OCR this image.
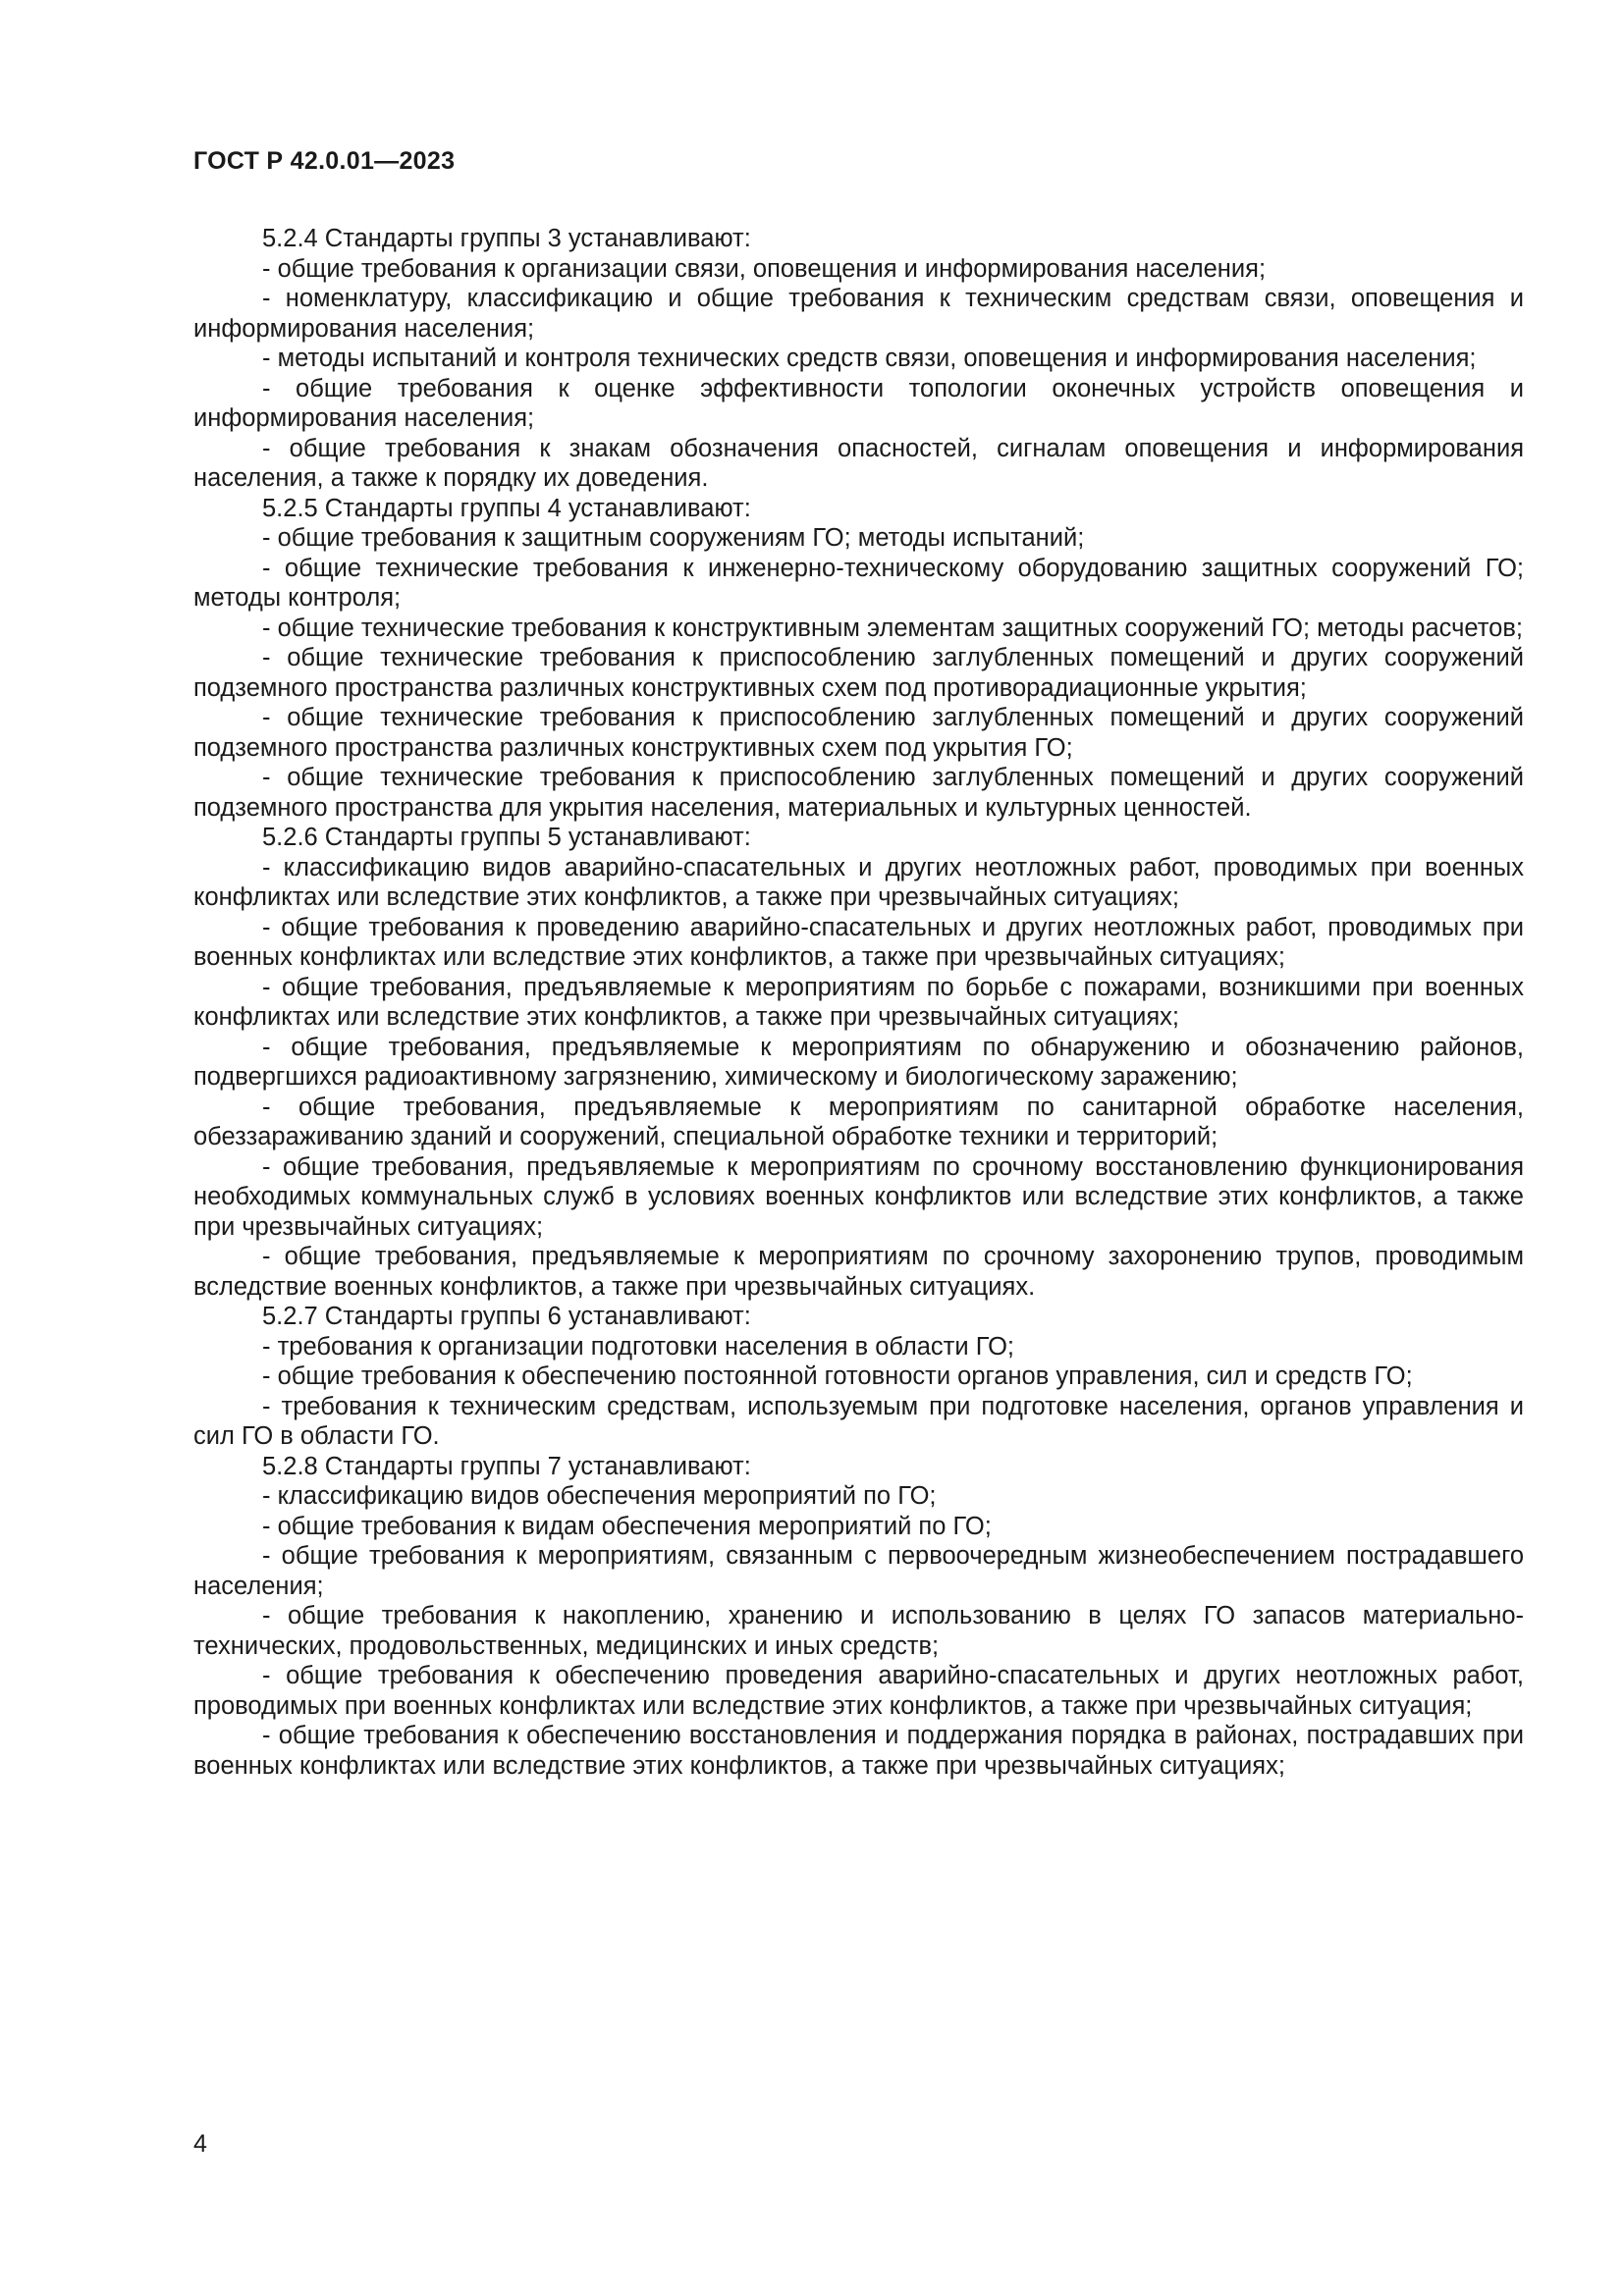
ГОСТ Р 42.0.01—2023

5.2.4 Стандарты группы 3 устанавливают:

- общие требования к организации связи, оповещения и информирования населения;

- номенклатуру, классификацию и общие требования к техническим средствам связи, оповещения и информирования населения;

- методы испытаний и контроля технических средств связи, оповещения и информирования населения;

- общие требования к оценке эффективности топологии оконечных устройств оповещения и информирования населения;

- общие требования к знакам обозначения опасностей, сигналам оповещения и информирования населения, а также к порядку их доведения.

5.2.5 Стандарты группы 4 устанавливают:

- общие требования к защитным сооружениям ГО; методы испытаний;

- общие технические требования к инженерно-техническому оборудованию защитных сооружений ГО; методы контроля;

- общие технические требования к конструктивным элементам защитных сооружений ГО; методы расчетов;

- общие технические требования к приспособлению заглубленных помещений и других сооружений подземного пространства различных конструктивных схем под противорадиационные укрытия;

- общие технические требования к приспособлению заглубленных помещений и других сооружений подземного пространства различных конструктивных схем под укрытия ГО;

- общие технические требования к приспособлению заглубленных помещений и других сооружений подземного пространства для укрытия населения, материальных и культурных ценностей.

5.2.6 Стандарты группы 5 устанавливают:

- классификацию видов аварийно-спасательных и других неотложных работ, проводимых при военных конфликтах или вследствие этих конфликтов, а также при чрезвычайных ситуациях;

- общие требования к проведению аварийно-спасательных и других неотложных работ, проводимых при военных конфликтах или вследствие этих конфликтов, а также при чрезвычайных ситуациях;

- общие требования, предъявляемые к мероприятиям по борьбе с пожарами, возникшими при военных конфликтах или вследствие этих конфликтов, а также при чрезвычайных ситуациях;

- общие требования, предъявляемые к мероприятиям по обнаружению и обозначению районов, подвергшихся радиоактивному загрязнению, химическому и биологическому заражению;

- общие требования, предъявляемые к мероприятиям по санитарной обработке населения, обеззараживанию зданий и сооружений, специальной обработке техники и территорий;

- общие требования, предъявляемые к мероприятиям по срочному восстановлению функционирования необходимых коммунальных служб в условиях военных конфликтов или вследствие этих конфликтов, а также при чрезвычайных ситуациях;

- общие требования, предъявляемые к мероприятиям по срочному захоронению трупов, проводимым вследствие военных конфликтов, а также при чрезвычайных ситуациях.

5.2.7 Стандарты группы 6 устанавливают:

- требования к организации подготовки населения в области ГО;

- общие требования к обеспечению постоянной готовности органов управления, сил и средств ГО;

- требования к техническим средствам, используемым при подготовке населения, органов управления и сил ГО в области ГО.

5.2.8 Стандарты группы 7 устанавливают:

- классификацию видов обеспечения мероприятий по ГО;

- общие требования к видам обеспечения мероприятий по ГО;

- общие требования к мероприятиям, связанным с первоочередным жизнеобеспечением пострадавшего населения;

- общие требования к накоплению, хранению и использованию в целях ГО запасов материально-технических, продовольственных, медицинских и иных средств;

- общие требования к обеспечению проведения аварийно-спасательных и других неотложных работ, проводимых при военных конфликтах или вследствие этих конфликтов, а также при чрезвычайных ситуация;

- общие требования к обеспечению восстановления и поддержания порядка в районах, пострадавших при военных конфликтах или вследствие этих конфликтов, а также при чрезвычайных ситуациях;

4
